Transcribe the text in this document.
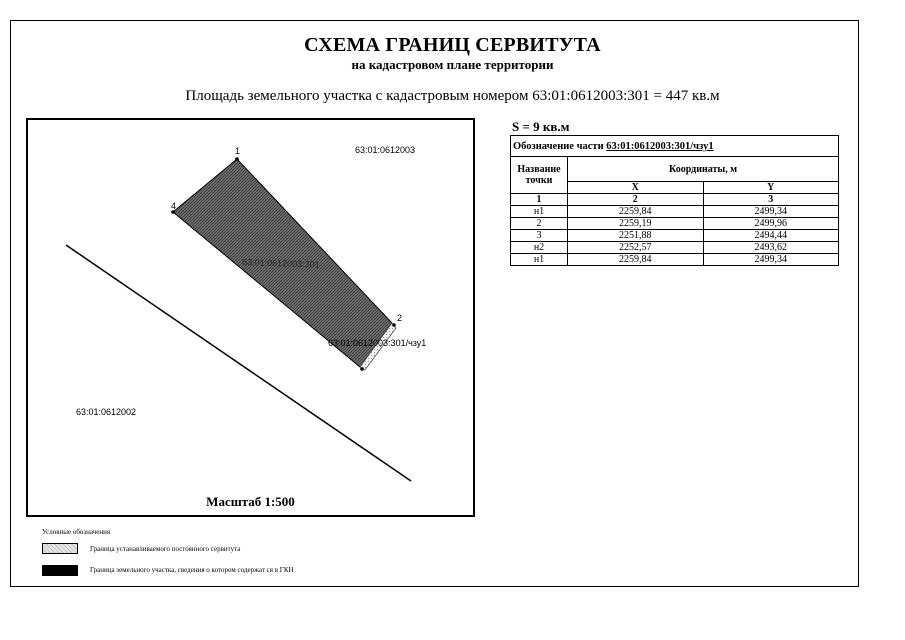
СХЕМА ГРАНИЦ СЕРВИТУТА
на кадастровом плане территории
Площадь земельного участка с кадастровым номером 63:01:0612003:301 = 447 кв.м
1
2
4
63:01:0612003
63:01:0612002
63:01:0612003:301
63:01:0612003:301/чзу1
Масштаб 1:500
S = 9 кв.м
Обозначение части 63:01:0612003:301/чзу1		
Название точки	Координаты, м	
	X	Y
1	2	3
н1	2259,84	2499,34
2	2259,19	2499,96
3	2251,88	2494,44
н2	2252,57	2493,62
н1	2259,84	2499,34
Условные обозначения
Граница устанавливаемого постоянного сервитута
Граница земельного участка, сведения о котором содержат ся в ГКН
